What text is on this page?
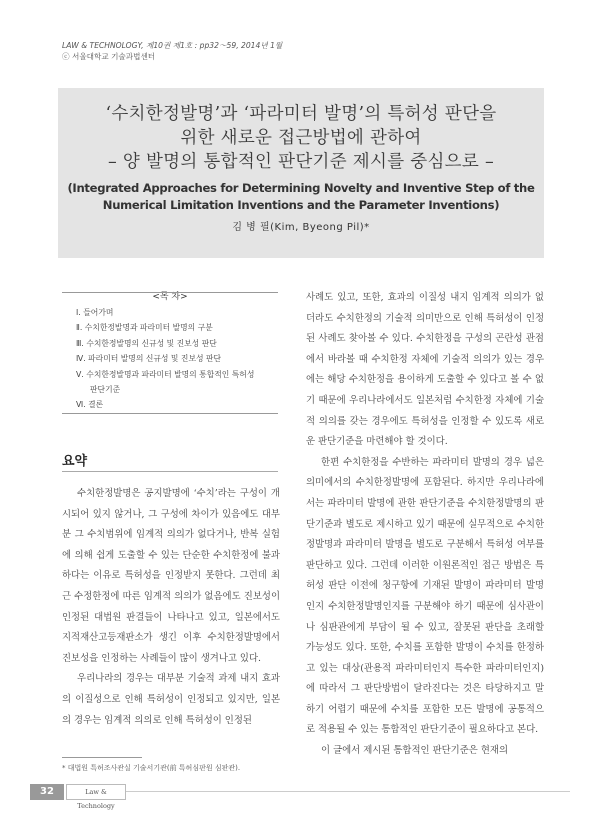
LAW & TECHNOLOGY, 제10권 제1호 : pp32～59, 2014년 1월
ⓒ 서울대학교 기술과법센터
‘수치한정발명’과 ‘파라미터 발명’의 특허성 판단을
위한 새로운 접근방법에 관하여
– 양 발명의 통합적인 판단기준 제시를 중심으로 –
(Integrated Approaches for Determining Novelty and Inventive Step of the
Numerical Limitation Inventions and the Parameter Inventions)
김 병 필(Kim, Byeong Pil)*
<목 차>
Ⅰ. 들어가며
Ⅱ. 수치한정발명과 파라미터 발명의 구분
Ⅲ. 수치한정발명의 신규성 및 진보성 판단
Ⅳ. 파라미터 발명의 신규성 및 진보성 판단
Ⅴ. 수치한정발명과 파라미터 발명의 통합적인 특허성
판단기준
Ⅵ. 결론
요약

수치한정발명은 공지발명에 ‘수치’라는 구성이 개시되어 있지 않거나, 그 구성에 차이가 있음에도 대부분 그 수치범위에 임계적 의의가 없다거나, 반복 실험에 의해 쉽게 도출할 수 있는 단순한 수치한정에 불과하다는 이유로 특허성을 인정받지 못한다. 그런데 최근 수정한정에 따른 임계적 의의가 없음에도 진보성이 인정된 대법원 판결들이 나타나고 있고, 일본에서도 지적재산고등재판소가 생긴 이후 수치한정발명에서 진보성을 인정하는 사례들이 많이 생겨나고 있다.

우리나라의 경우는 대부분 기술적 과제 내지 효과의 이질성으로 인해 특허성이 인정되고 있지만, 일본의 경우는 임계적 의의로 인해 특허성이 인정된

사례도 있고, 또한, 효과의 이질성 내지 임계적 의의가 없더라도 수치한정의 기술적 의미만으로 인해 특허성이 인정된 사례도 찾아볼 수 있다. 수치한정을 구성의 곤란성 관점에서 바라볼 때 수치한정 자체에 기술적 의의가 있는 경우에는 해당 수치한정을 용이하게 도출할 수 있다고 볼 수 없기 때문에 우리나라에서도 일본처럼 수치한정 자체에 기술적 의의를 갖는 경우에도 특허성을 인정할 수 있도록 새로운 판단기준을 마련해야 할 것이다.

한편 수치한정을 수반하는 파라미터 발명의 경우 넓은 의미에서의 수치한정발명에 포함된다. 하지만 우리나라에서는 파라미터 발명에 관한 판단기준을 수치한정발명의 판단기준과 별도로 제시하고 있기 때문에 실무적으로 수치한정발명과 파라미터 발명을 별도로 구분해서 특허성 여부를 판단하고 있다. 그런데 이러한 이원론적인 접근 방법은 특허성 판단 이전에 청구항에 기재된 발명이 파라미터 발명인지 수치한정발명인지를 구분해야 하기 때문에 심사관이나 심판관에게 부담이 될 수 있고, 잘못된 판단을 초래할 가능성도 있다. 또한, 수치를 포함한 발명이 수치를 한정하고 있는 대상(관용적 파라미터인지 특수한 파라미터인지)에 따라서 그 판단방법이 달라진다는 것은 타당하지고 말하기 어렵기 때문에 수치를 포함한 모든 발명에 공통적으로 적용될 수 있는 통합적인 판단기준이 필요하다고 본다.

이 글에서 제시된 통합적인 판단기준은 현재의

* 대법원 특허조사관실 기술서기관(前 특허심판원 심판관).
32	Law & Technology
